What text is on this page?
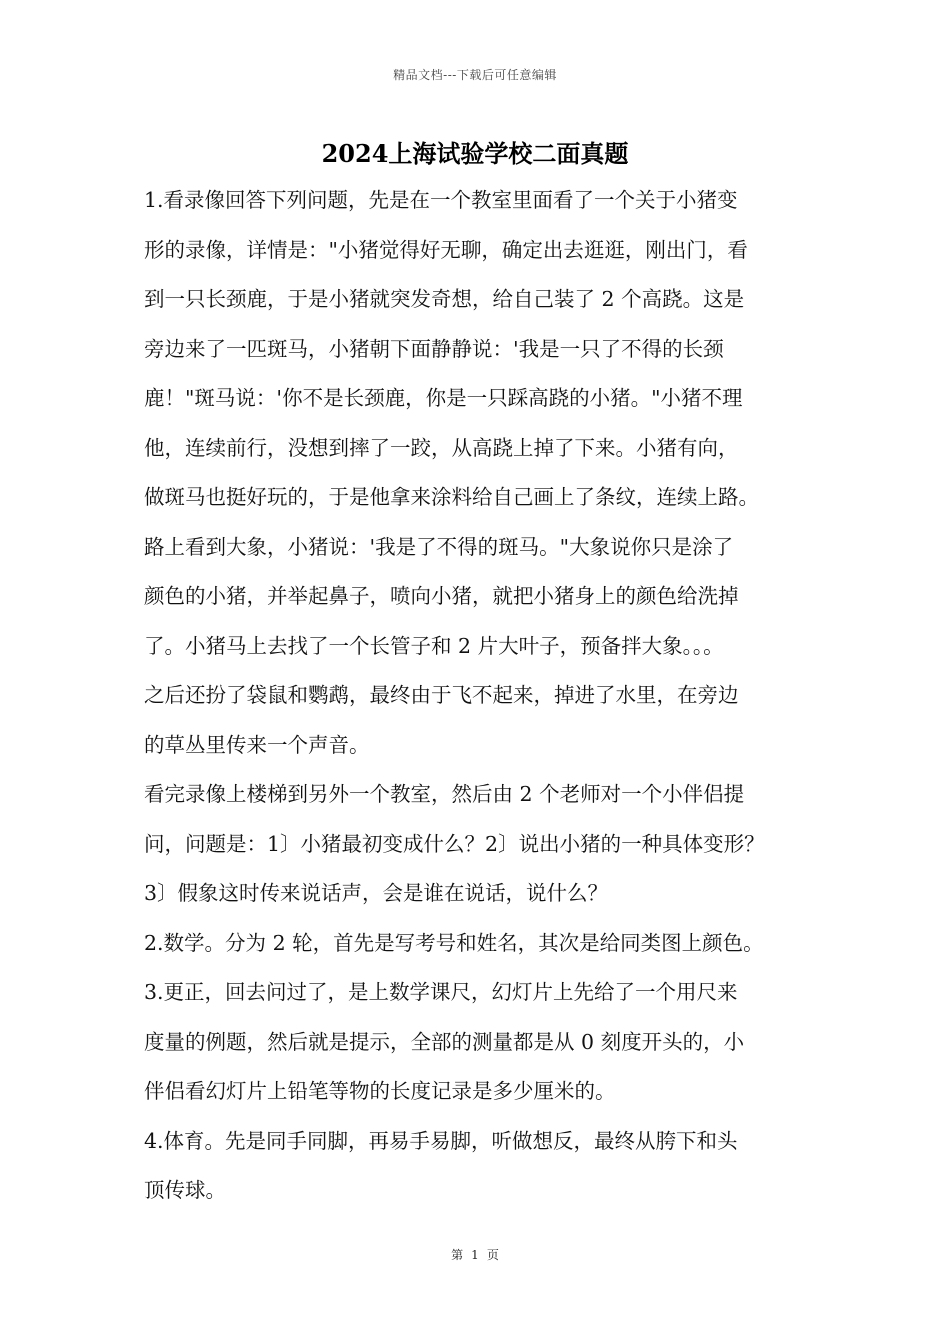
精品文档---下载后可任意编辑
2024上海试验学校二面真题

1.看录像回答下列问题，先是在一个教室里面看了一个关于小猪变

形的录像，详情是："小猪觉得好无聊，确定出去逛逛，刚出门，看

到一只长颈鹿，于是小猪就突发奇想，给自己装了 2 个高跷。这是

旁边来了一匹斑马，小猪朝下面静静说：'我是一只了不得的长颈

鹿！"斑马说：'你不是长颈鹿，你是一只踩高跷的小猪。"小猪不理

他，连续前行，没想到摔了一跤，从高跷上掉了下来。小猪有向，

做斑马也挺好玩的，于是他拿来涂料给自己画上了条纹，连续上路。

路上看到大象，小猪说：'我是了不得的斑马。"大象说你只是涂了

颜色的小猪，并举起鼻子，喷向小猪，就把小猪身上的颜色给洗掉

了。小猪马上去找了一个长管子和 2 片大叶子，预备拌大象。。。

之后还扮了袋鼠和鹦鹉，最终由于飞不起来，掉进了水里，在旁边

的草丛里传来一个声音。

看完录像上楼梯到另外一个教室，然后由 2 个老师对一个小伴侣提

问，问题是：1〕小猪最初变成什么？2〕说出小猪的一种具体变形？

3〕假象这时传来说话声，会是谁在说话，说什么？

2.数学。分为 2 轮，首先是写考号和姓名，其次是给同类图上颜色。

3.更正，回去问过了，是上数学课尺，幻灯片上先给了一个用尺来

度量的例题，然后就是提示，全部的测量都是从 0 刻度开头的，小

伴侣看幻灯片上铅笔等物的长度记录是多少厘米的。

4.体育。先是同手同脚，再易手易脚，听做想反，最终从胯下和头

顶传球。

第 1 页
